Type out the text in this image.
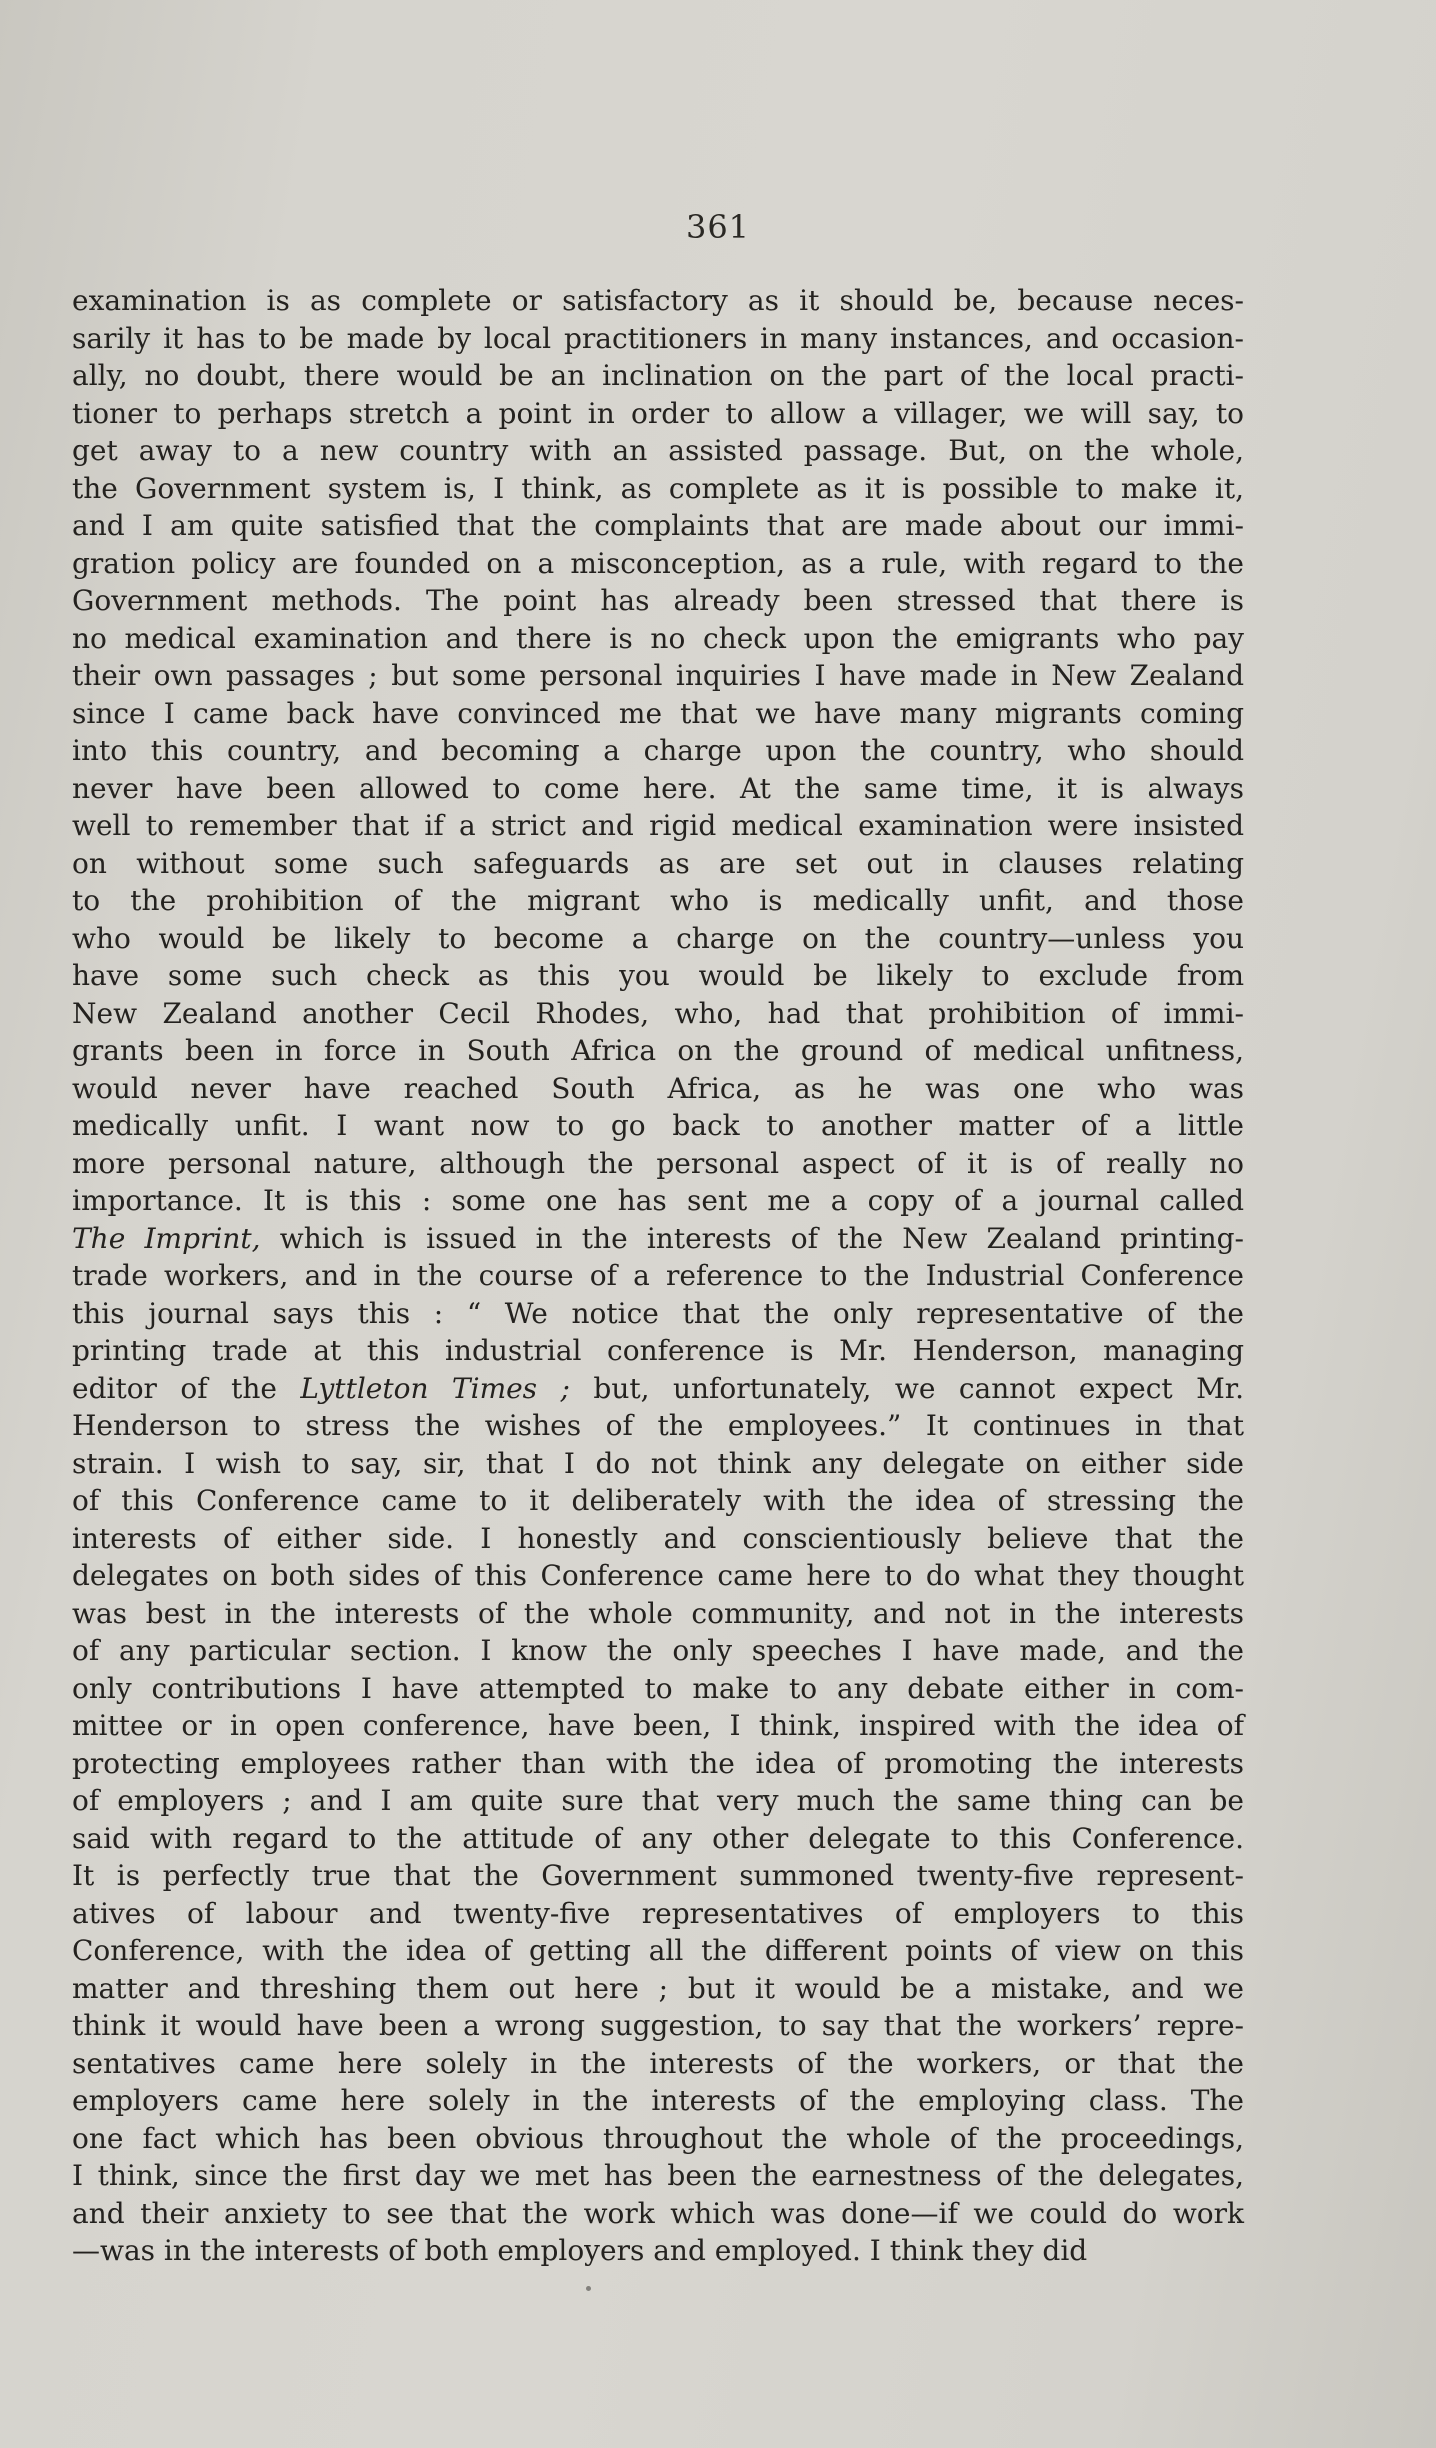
361
examination is as complete or satisfactory as it should be, because neces-
sarily it has to be made by local practitioners in many instances, and occasion-
ally, no doubt, there would be an inclination on the part of the local practi-
tioner to perhaps stretch a point in order to allow a villager, we will say, to
get away to a new country with an assisted passage. But, on the whole,
the Government system is, I think, as complete as it is possible to make it,
and I am quite satisfied that the complaints that are made about our immi-
gration policy are founded on a misconception, as a rule, with regard to the
Government methods. The point has already been stressed that there is
no medical examination and there is no check upon the emigrants who pay
their own passages ; but some personal inquiries I have made in New Zealand
since I came back have convinced me that we have many migrants coming
into this country, and becoming a charge upon the country, who should
never have been allowed to come here. At the same time, it is always
well to remember that if a strict and rigid medical examination were insisted
on without some such safeguards as are set out in clauses relating
to the prohibition of the migrant who is medically unfit, and those
who would be likely to become a charge on the country—unless you
have some such check as this you would be likely to exclude from
New Zealand another Cecil Rhodes, who, had that prohibition of immi-
grants been in force in South Africa on the ground of medical unfitness,
would never have reached South Africa, as he was one who was
medically unfit. I want now to go back to another matter of a little
more personal nature, although the personal aspect of it is of really no
importance. It is this : some one has sent me a copy of a journal called
The Imprint, which is issued in the interests of the New Zealand printing-
trade workers, and in the course of a reference to the Industrial Conference
this journal says this : “ We notice that the only representative of the
printing trade at this industrial conference is Mr. Henderson, managing
editor of the Lyttleton Times ; but, unfortunately, we cannot expect Mr.
Henderson to stress the wishes of the employees.” It continues in that
strain. I wish to say, sir, that I do not think any delegate on either side
of this Conference came to it deliberately with the idea of stressing the
interests of either side. I honestly and conscientiously believe that the
delegates on both sides of this Conference came here to do what they thought
was best in the interests of the whole community, and not in the interests
of any particular section. I know the only speeches I have made, and the
only contributions I have attempted to make to any debate either in com-
mittee or in open conference, have been, I think, inspired with the idea of
protecting employees rather than with the idea of promoting the interests
of employers ; and I am quite sure that very much the same thing can be
said with regard to the attitude of any other delegate to this Conference.
It is perfectly true that the Government summoned twenty-five represent-
atives of labour and twenty-five representatives of employers to this
Conference, with the idea of getting all the different points of view on this
matter and threshing them out here ; but it would be a mistake, and we
think it would have been a wrong suggestion, to say that the workers’ repre-
sentatives came here solely in the interests of the workers, or that the
employers came here solely in the interests of the employing class. The
one fact which has been obvious throughout the whole of the proceedings,
I think, since the first day we met has been the earnestness of the delegates,
and their anxiety to see that the work which was done—if we could do work
—was in the interests of both employers and employed. I think they did
